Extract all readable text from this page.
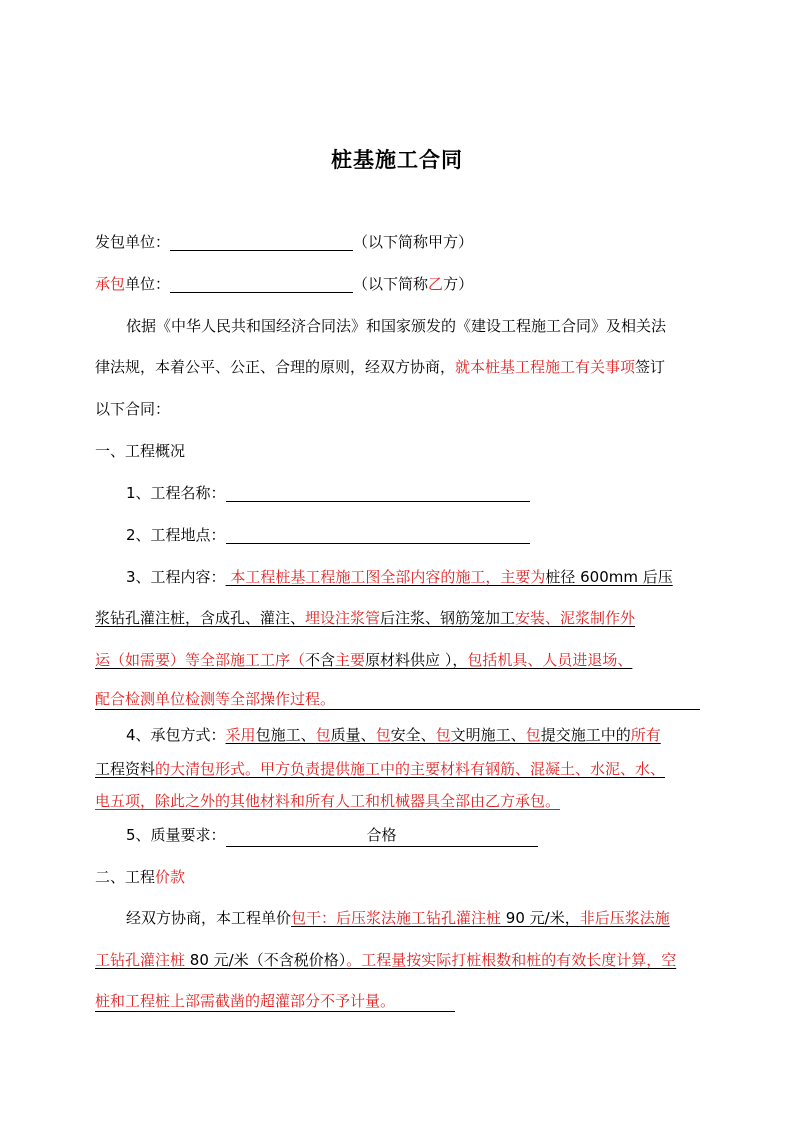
桩基施工合同
发包单位：	（以下简称甲方）
承包单位：	（以下简称乙方）
依据《中华人民共和国经济合同法》和国家颁发的《建设工程施工合同》及相关法
律法规，本着公平、公正、合理的原则，经双方协商，就本桩基工程施工有关事项签订
以下合同：
一、工程概况
1、工程名称：
2、工程地点：
3、工程内容： 本工程桩基工程施工图全部内容的施工，主要为桩径 600mm 后压
浆钻孔灌注桩，含成孔、灌注、埋设注浆管后注浆、钢筋笼加工安装、泥浆制作外
运（如需要）等全部施工工序（不含主要原材料供应 ），包括机具、人员进退场、
配合检测单位检测等全部操作过程。
4、承包方式：采用包施工、包质量、包安全、包文明施工、包提交施工中的所有
工程资料的大清包形式。甲方负责提供施工中的主要材料有钢筋、混凝土、水泥、水、
电五项，除此之外的其他材料和所有人工和机械器具全部由乙方承包。
5、质量要求：	合格
二、工程价款
经双方协商，本工程单价包干：后压浆法施工钻孔灌注桩 90 元/米，非后压浆法施
工钻孔灌注桩 80 元/米（不含税价格）。工程量按实际打桩根数和桩的有效长度计算，空
桩和工程桩上部需截凿的超灌部分不予计量。
